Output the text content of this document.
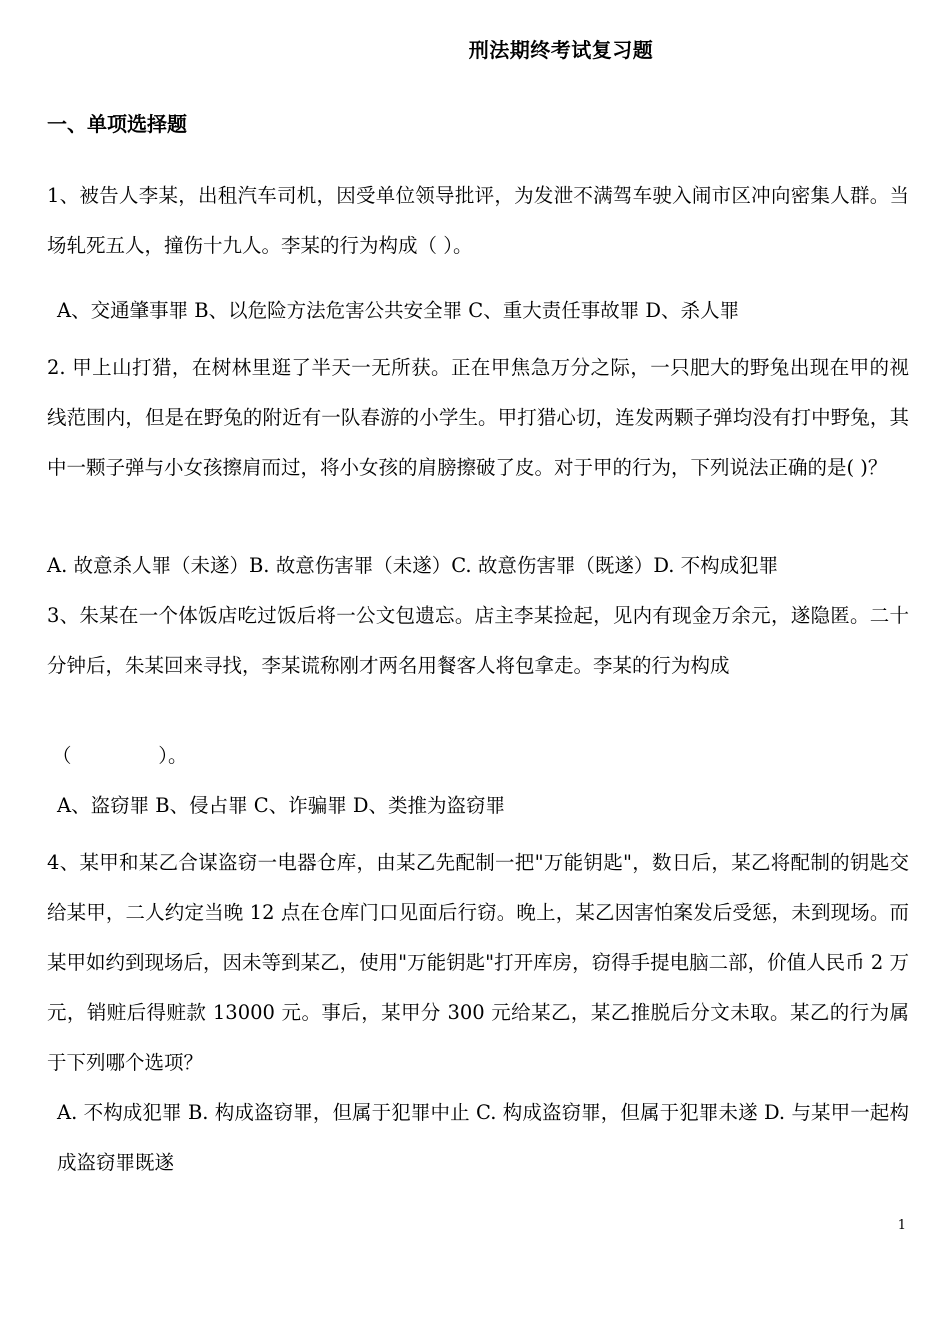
刑法期终考试复习题
一、单项选择题

1、被告人李某，出租汽车司机，因受单位领导批评，为发泄不满驾车驶入闹市区冲向密集人群。当场轧死五人，撞伤十九人。李某的行为构成（ ）。

A、交通肇事罪 B、以危险方法危害公共安全罪 C、重大责任事故罪 D、杀人罪

2. 甲上山打猎，在树林里逛了半天一无所获。正在甲焦急万分之际，一只肥大的野兔出现在甲的视线范围内，但是在野兔的附近有一队春游的小学生。甲打猎心切，连发两颗子弹均没有打中野兔，其中一颗子弹与小女孩擦肩而过，将小女孩的肩膀擦破了皮。对于甲的行为，下列说法正确的是( )？

A. 故意杀人罪（未遂）B. 故意伤害罪（未遂）C. 故意伤害罪（既遂）D. 不构成犯罪

3、朱某在一个体饭店吃过饭后将一公文包遗忘。店主李某捡起，见内有现金万余元，遂隐匿。二十分钟后，朱某回来寻找，李某谎称刚才两名用餐客人将包拿走。李某的行为构成

（              ）。
A、盗窃罪 B、侵占罪 C、诈骗罪 D、类推为盗窃罪

4、某甲和某乙合谋盗窃一电器仓库，由某乙先配制一把"万能钥匙"，数日后，某乙将配制的钥匙交给某甲，二人约定当晚 12 点在仓库门口见面后行窃。晚上，某乙因害怕案发后受惩，未到现场。而某甲如约到现场后，因未等到某乙，使用"万能钥匙"打开库房，窃得手提电脑二部，价值人民币 2 万元，销赃后得赃款 13000 元。事后，某甲分 300 元给某乙，某乙推脱后分文未取。某乙的行为属于下列哪个选项？

A. 不构成犯罪 B. 构成盗窃罪，但属于犯罪中止 C. 构成盗窃罪，但属于犯罪未遂 D. 与某甲一起构成盗窃罪既遂

1
